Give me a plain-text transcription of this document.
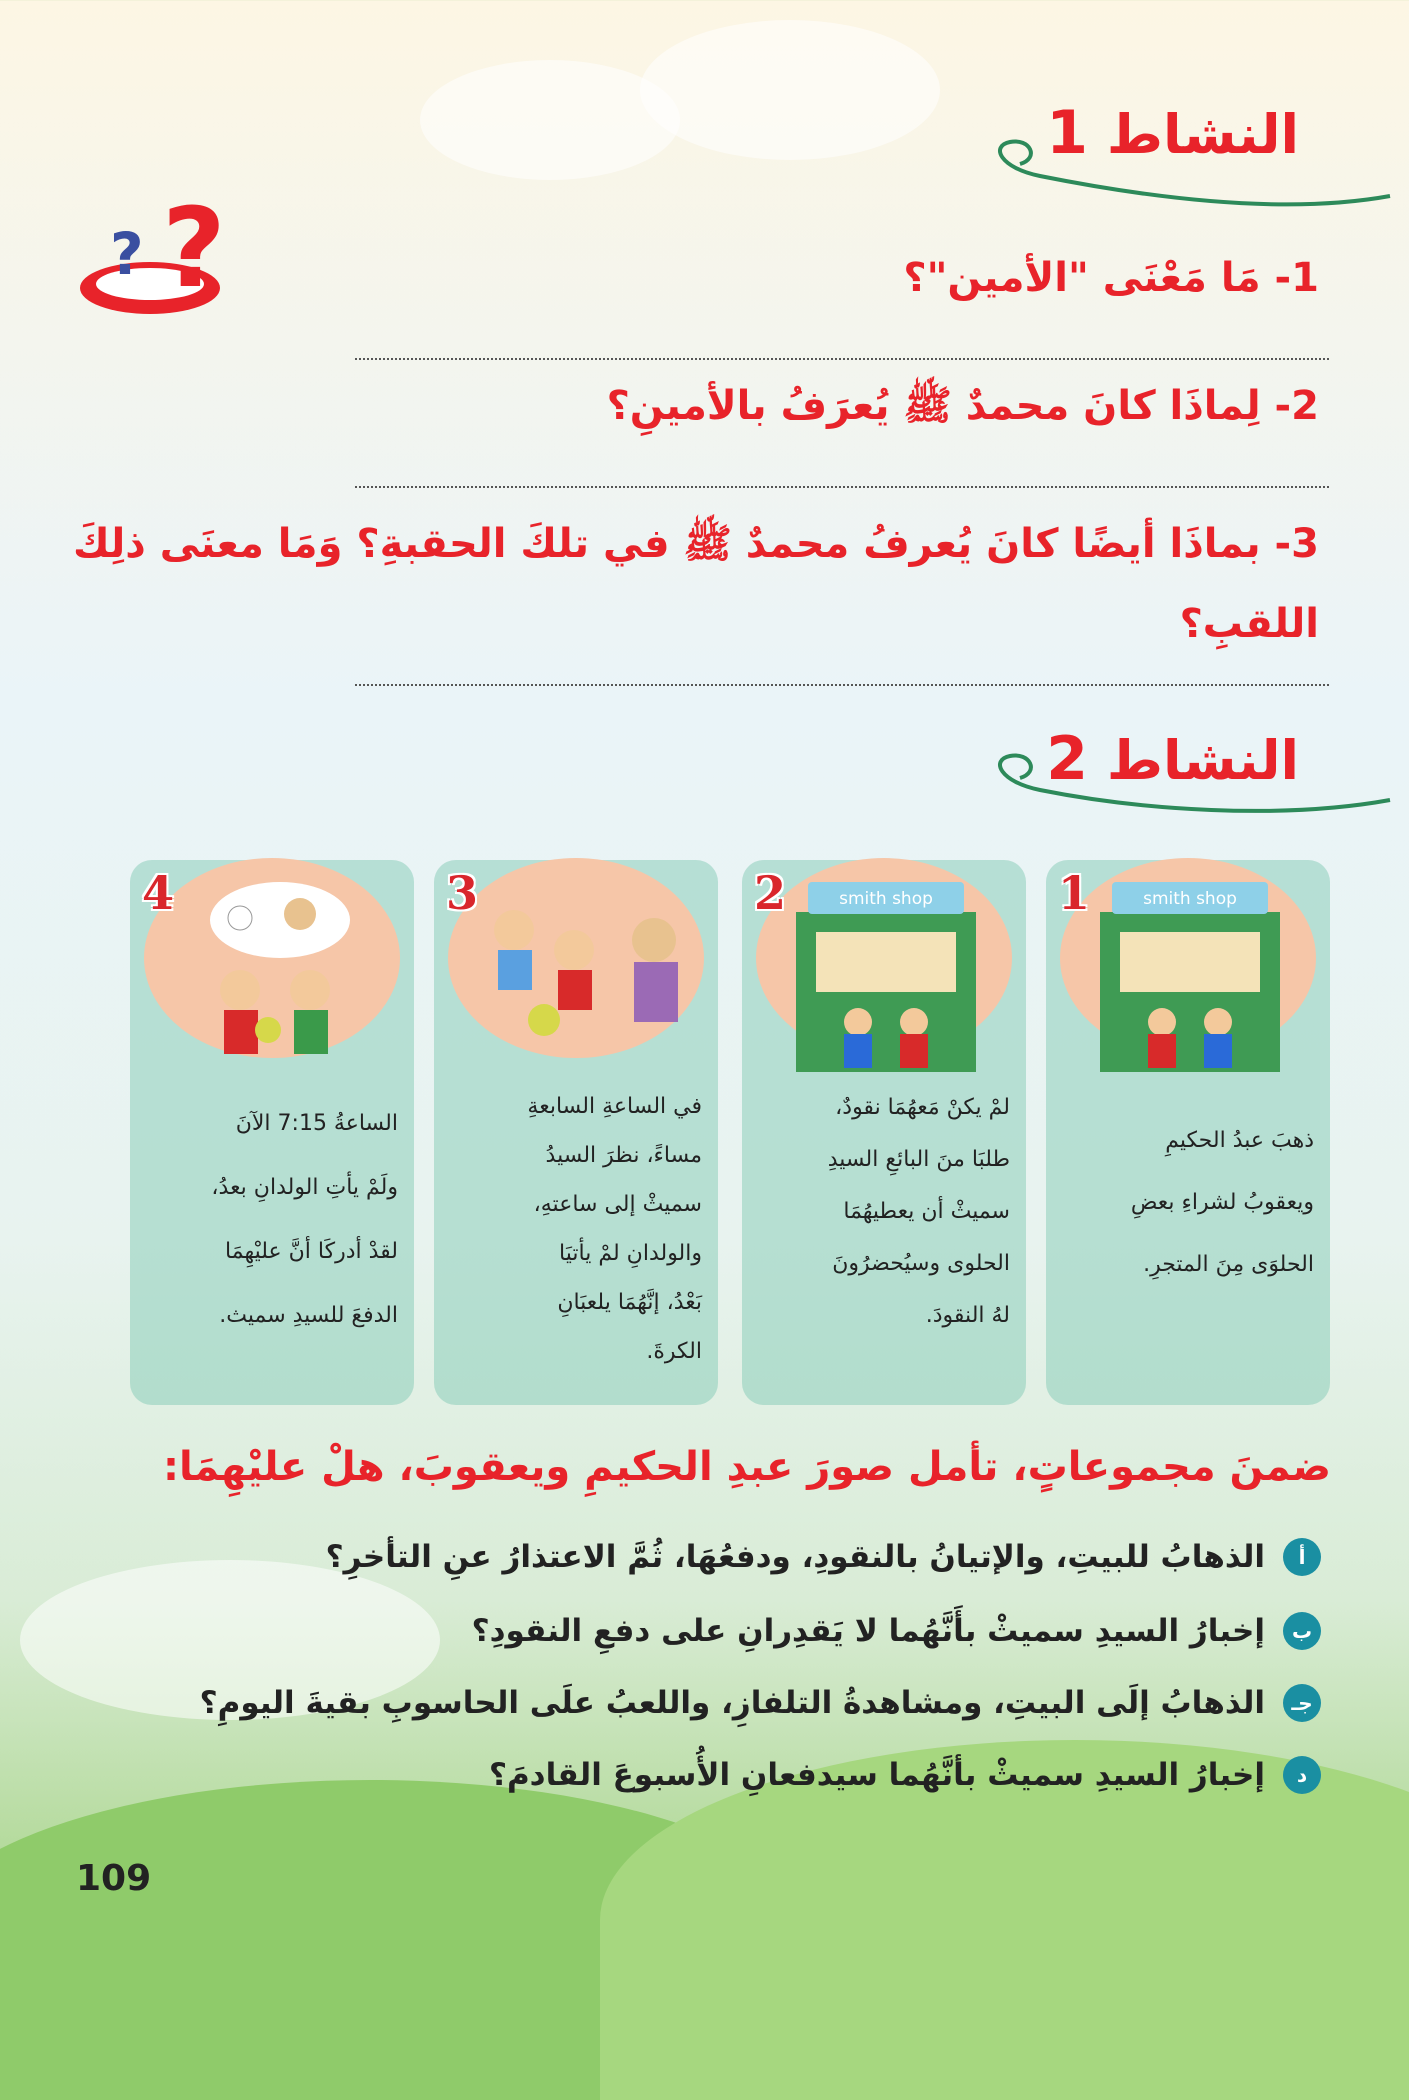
النشاط 1
?
?	1- مَا مَعْنَى "الأمين"؟
2- لِماذَا كانَ محمدٌ ﷺ يُعرَفُ بالأمينِ؟
3- بماذَا أيضًا كانَ يُعرفُ محمدٌ ﷺ في تلكَ الحقبةِ؟ وَمَا معنَى ذلِكَ
اللقبِ؟
النشاط 2
smith shop
1
ذهبَ عبدُ الحكيمِ
ويعقوبُ لشراءِ بعضِ
الحلوَى مِنَ المتجرِ.
smith shop
2
لمْ يكنْ مَعهُمَا نقودٌ،
طلبَا منَ البائعِ السيدِ
سميثْ أن يعطيهُمَا
الحلوى وسيُحضرُونَ
لهُ النقودَ.
3
في الساعةِ السابعةِ
مساءً، نظرَ السيدُ
سميثْ إلى ساعتهِ،
والولدانِ لمْ يأتيَا
بَعْدُ، إنَّهُمَا يلعبَانِ
الكرةَ.
4
الساعةُ 7:15 الآنَ
ولَمْ يأتِ الولدانِ بعدُ،
لقدْ أدركَا أنَّ عليْهِمَا
الدفعَ للسيدِ سميث.
ضمنَ مجموعاتٍ، تأمل صورَ عبدِ الحكيمِ ويعقوبَ، هلْ عليْهِمَا:
أ
الذهابُ للبيتِ، والإتيانُ بالنقودِ، ودفعُهَا، ثُمَّ الاعتذارُ عنِ التأخرِ؟
ب
إخبارُ السيدِ سميثْ بأَنَّهُما لا يَقدِرانِ على دفعِ النقودِ؟
جـ
الذهابُ إلَى البيتِ، ومشاهدةُ التلفازِ، واللعبُ علَى الحاسوبِ بقيةَ اليومِ؟
د
إخبارُ السيدِ سميثْ بأنَّهُما سيدفعانِ الأُسبوعَ القادمَ؟
109
